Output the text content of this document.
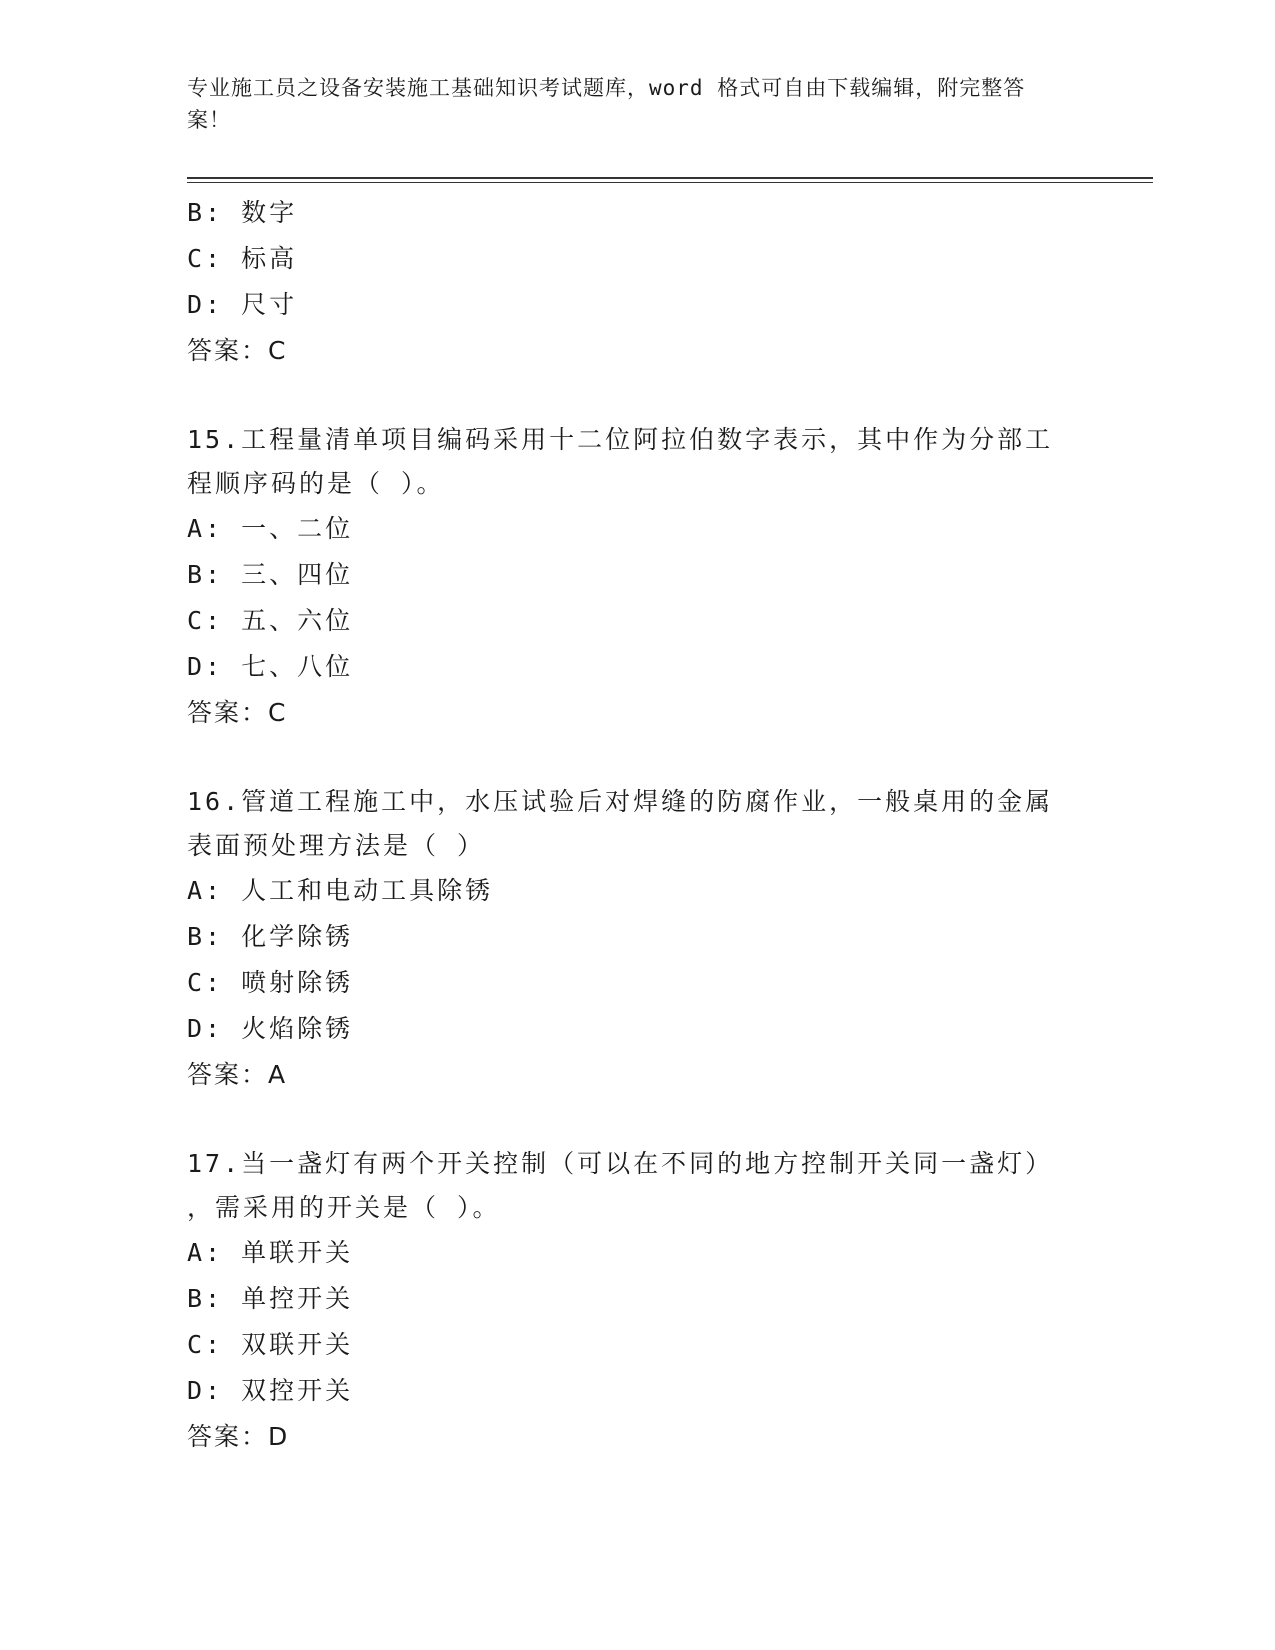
专业施工员之设备安装施工基础知识考试题库，word 格式可自由下载编辑，附完整答案！
B: 数字
C: 标高
D: 尺寸
答案：C
15.工程量清单项目编码采用十二位阿拉伯数字表示，其中作为分部工
程顺序码的是（ ）。
A: 一、二位
B: 三、四位
C: 五、六位
D: 七、八位
答案：C
16.管道工程施工中，水压试验后对焊缝的防腐作业，一般桌用的金属
表面预处理方法是（ ）
A: 人工和电动工具除锈
B: 化学除锈
C: 喷射除锈
D: 火焰除锈
答案：A
17.当一盏灯有两个开关控制（可以在不同的地方控制开关同一盏灯）
，需采用的开关是（ ）。
A: 单联开关
B: 单控开关
C: 双联开关
D: 双控开关
答案：D
